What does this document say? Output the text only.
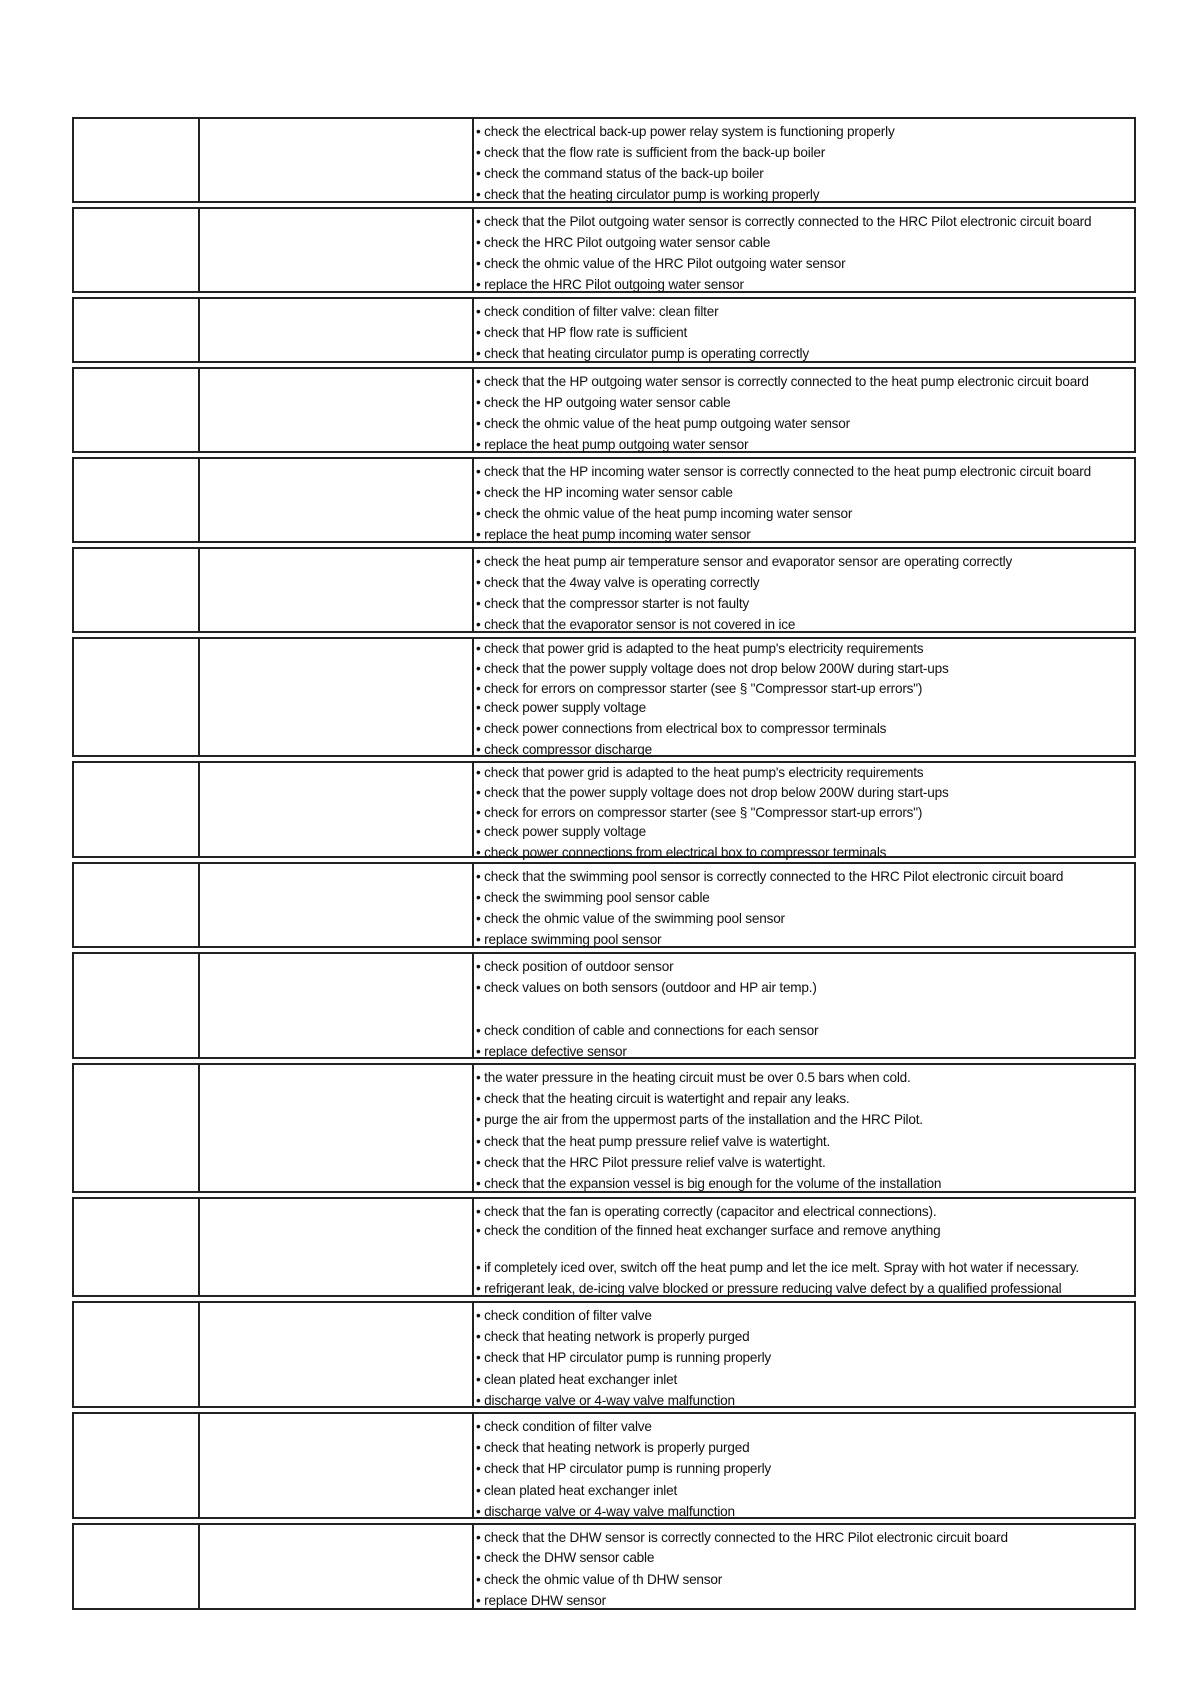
• check the electrical back-up power relay system is functioning properly
• check that the flow rate is sufficient from the back-up boiler
• check the command status of the back-up boiler
• check that the heating circulator pump is working properly
• check that the Pilot outgoing water sensor is correctly connected to the HRC Pilot electronic circuit board
• check the HRC Pilot outgoing water sensor cable
• check the ohmic value of the HRC Pilot outgoing water sensor
• replace the HRC Pilot outgoing water sensor
• check condition of filter valve: clean filter
• check that HP flow rate is sufficient
• check that heating circulator pump is operating correctly
• check that the HP outgoing water sensor is correctly connected to the heat pump electronic circuit board
• check the HP outgoing water sensor cable
• check the ohmic value of the heat pump outgoing water sensor
• replace the heat pump outgoing water sensor
• check that the HP incoming water sensor is correctly connected to the heat pump electronic circuit board
• check the HP incoming water sensor cable
• check the ohmic value of the heat pump incoming water sensor
• replace the heat pump incoming water sensor
• check the heat pump air temperature sensor and evaporator sensor are operating correctly
• check that the 4way valve is operating correctly
• check that the compressor starter is not faulty
• check that the evaporator sensor is not covered in ice
• check that power grid is adapted to the heat pump's electricity requirements
• check that the power supply voltage does not drop below 200W during start-ups
• check for errors on compressor starter (see § "Compressor start-up errors")
• check power supply voltage
• check power connections from electrical box to compressor terminals
• check compressor discharge
• check that power grid is adapted to the heat pump's electricity requirements
• check that the power supply voltage does not drop below 200W during start-ups
• check for errors on compressor starter (see § "Compressor start-up errors")
• check power supply voltage
• check power connections from electrical box to compressor terminals
• check that the swimming pool sensor is correctly connected to the HRC Pilot electronic circuit board
• check the swimming pool sensor cable
• check the ohmic value of the swimming pool sensor
• replace swimming pool sensor
• check position of outdoor sensor
• check values on both sensors (outdoor and HP air temp.)
• check condition of cable and connections for each sensor
• replace defective sensor
• the water pressure in the heating circuit must be over 0.5 bars when cold.
• check that the heating circuit is watertight and repair any leaks.
• purge the air from the uppermost parts of the installation and the HRC Pilot.
• check that the heat pump pressure relief valve is watertight.
• check that the HRC Pilot pressure relief valve is watertight.
• check that the expansion vessel is big enough for the volume of the installation
• check that the fan is operating correctly (capacitor and electrical connections).
• check the condition of the finned heat exchanger surface and remove anything
• if completely iced over, switch off the heat pump and let the ice melt. Spray with hot water if necessary.
• refrigerant leak, de-icing valve blocked or pressure reducing valve defect by a qualified professional
• check condition of filter valve
• check that heating network is properly purged
• check that HP circulator pump is running properly
• clean plated heat exchanger inlet
• discharge valve or 4-way valve malfunction
• check condition of filter valve
• check that heating network is properly purged
• check that HP circulator pump is running properly
• clean plated heat exchanger inlet
• discharge valve or 4-way valve malfunction
• check that the DHW sensor is correctly connected to the HRC Pilot electronic circuit board
• check the DHW sensor cable
• check the ohmic value of th DHW sensor
• replace DHW sensor
